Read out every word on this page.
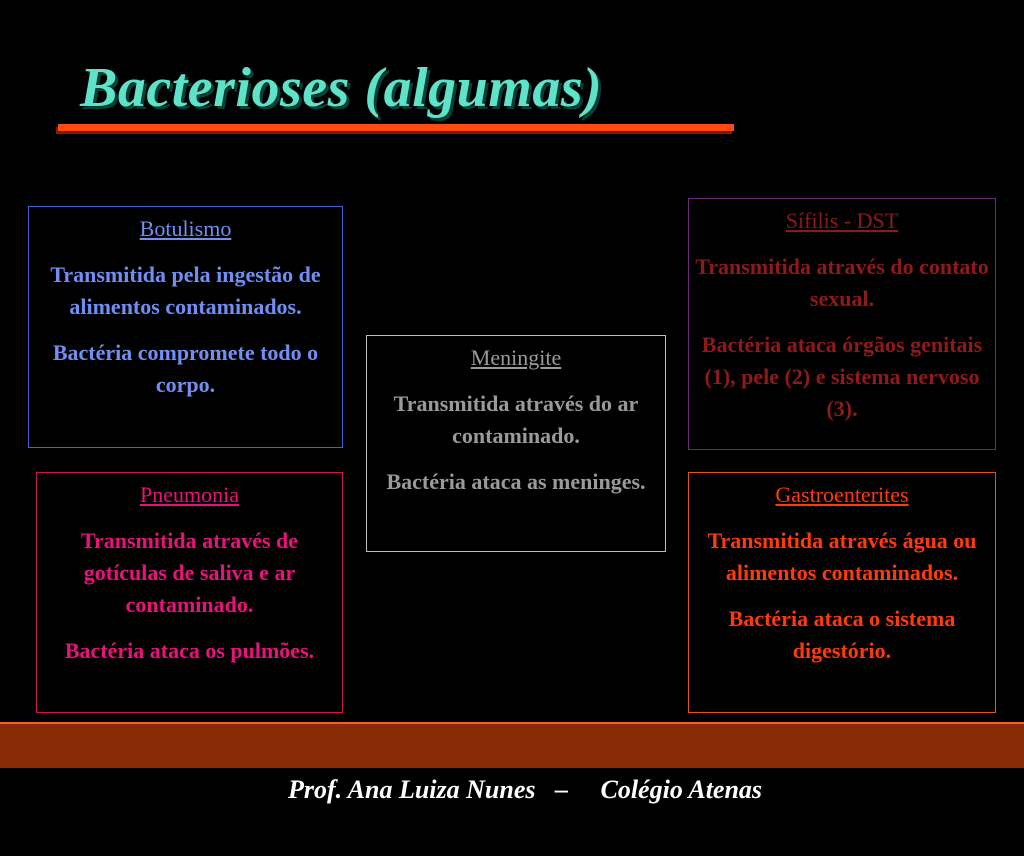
Bacterioses (algumas)
Botulismo

Transmitida pela ingestão de alimentos contaminados.

Bactéria compromete todo o corpo.

Pneumonia

Transmitida através de gotículas de saliva e ar contaminado.

Bactéria ataca os pulmões.

Meningite

Transmitida através do ar contaminado.

Bactéria ataca as meninges.

Sífilis - DST

Transmitida através do contato sexual.

Bactéria ataca órgãos genitais (1), pele (2) e sistema nervoso (3).

Gastroenterites

Transmitida através água ou alimentos contaminados.

Bactéria ataca o sistema digestório.

Prof. Ana Luiza Nunes   –     Colégio Atenas
